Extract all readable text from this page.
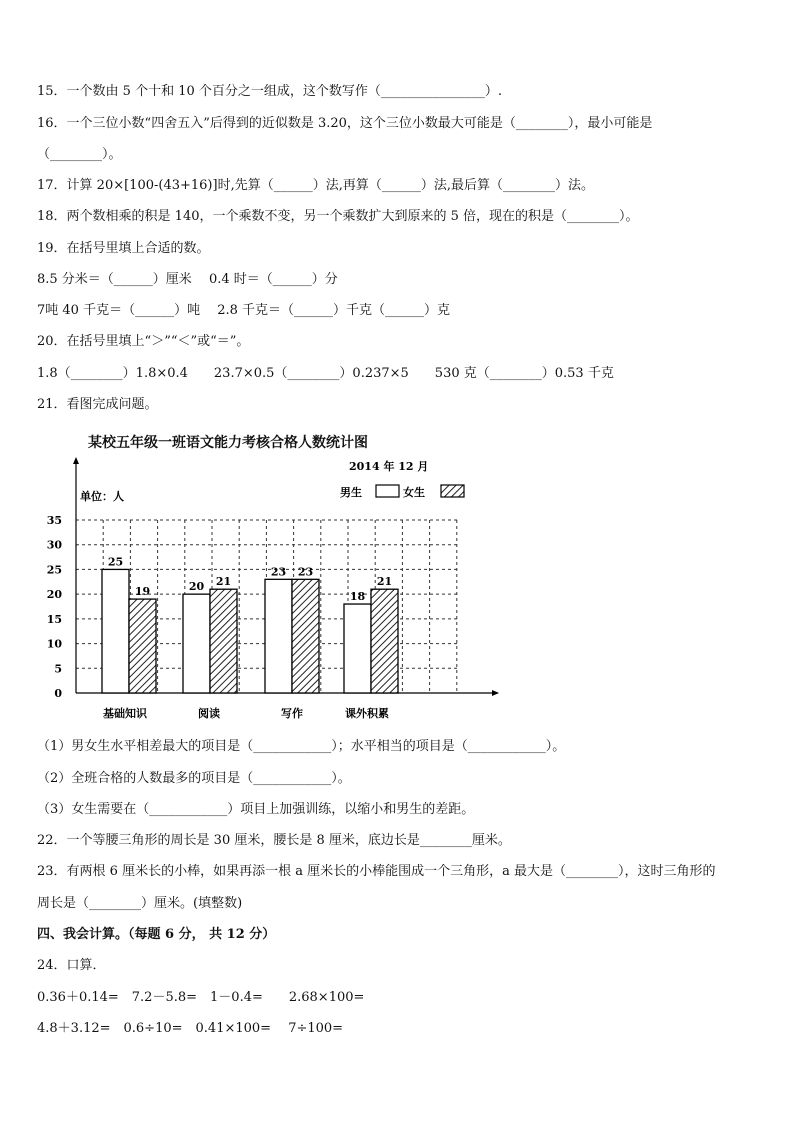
15．一个数由 5 个十和 10 个百分之一组成，这个数写作（________________）.
16．一个三位小数“四舍五入”后得到的近似数是 3.20，这个三位小数最大可能是（________），最小可能是
（________）。
17．计算 20×[100-(43+16)]时,先算（______）法,再算（______）法,最后算（________）法。
18．两个数相乘的积是 140，一个乘数不变，另一个乘数扩大到原来的 5 倍，现在的积是（________）。
19．在括号里填上合适的数。
8.5 分米＝（______）厘米　 0.4 时＝（______）分
7吨 40 千克＝（______）吨　 2.8 千克＝（______）千克（______）克
20．在括号里填上“＞”“＜”或“＝”。
1.8（________）1.8×0.4　　23.7×0.5（________）0.237×5　　530 克（________）0.53 千克
21．看图完成问题。
某校五年级一班语文能力考核合格人数统计图
0
5
10
15
20
25
30
35
25
19
基础知识
20 21
阅读
23 23
写作
18
21
课外积累
2014 年 12 月
单位：人	男生	女生
（1）男女生水平相差最大的项目是（____________）；水平相当的项目是（____________）。
（2）全班合格的人数最多的项目是（____________）。
（3）女生需要在（____________）项目上加强训练，以缩小和男生的差距。
22．一个等腰三角形的周长是 30 厘米，腰长是 8 厘米，底边长是________厘米。
23．有两根 6 厘米长的小棒，如果再添一根 a 厘米长的小棒能围成一个三角形，a 最大是（________），这时三角形的
周长是（________）厘米。(填整数)
四、我会计算。（每题 6 分， 共 12 分）
24．口算．
0.36＋0.14=　7.2－5.8=　1－0.4=　　2.68×100=
4.8＋3.12=　0.6÷10=　0.41×100=　 7÷100=
